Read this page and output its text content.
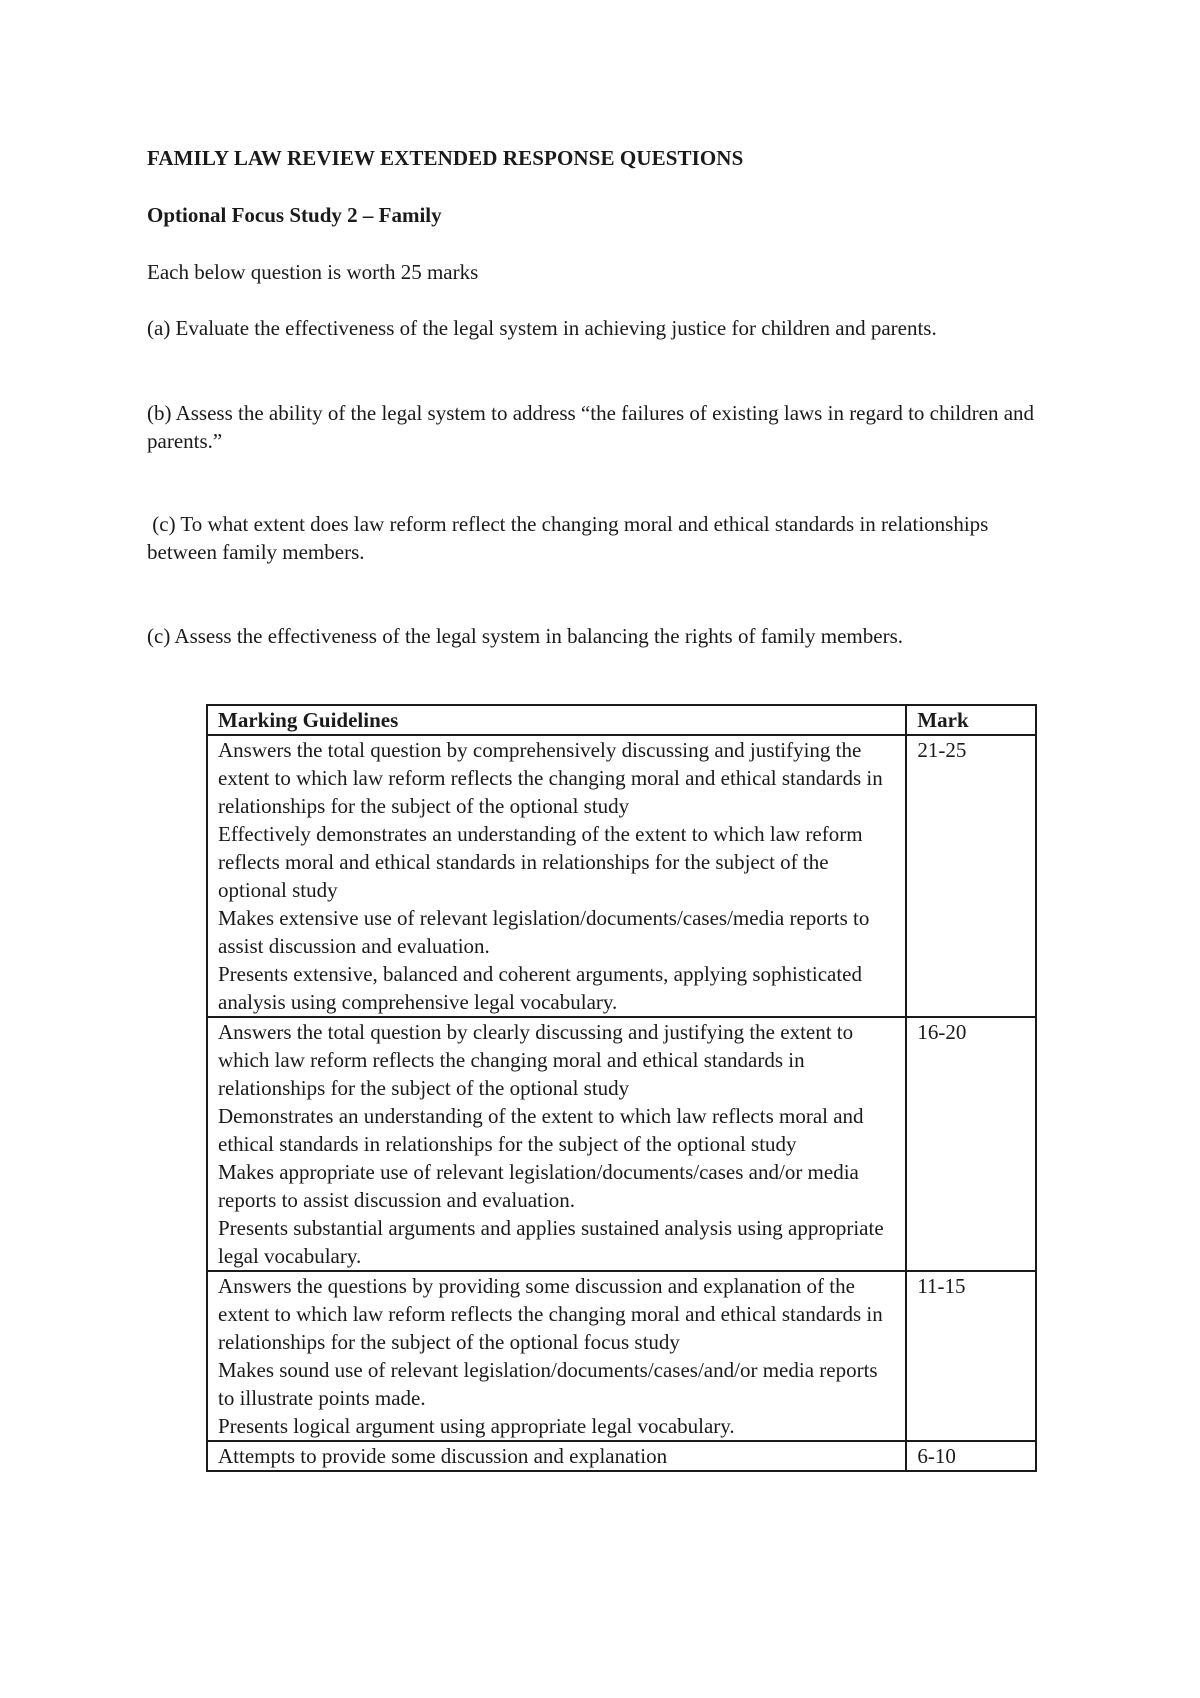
FAMILY LAW REVIEW EXTENDED RESPONSE QUESTIONS
Optional Focus Study 2 – Family
Each below question is worth 25 marks
(a) Evaluate the effectiveness of the legal system in achieving justice for children and parents.
(b) Assess the ability of the legal system to address “the failures of existing laws in regard to children and parents.”
(c) To what extent does law reform reflect the changing moral and ethical standards in relationships between family members.
(c) Assess the effectiveness of the legal system in balancing the rights of family members.
Marking Guidelines	Mark

Answers the total question by comprehensively discussing and justifying the extent to which law reform reflects the changing moral and ethical standards in relationships for the subject of the optional study
Effectively demonstrates an understanding of the extent to which law reform reflects moral and ethical standards in relationships for the subject of the optional study
Makes extensive use of relevant legislation/documents/cases/media reports to assist discussion and evaluation.
Presents extensive, balanced and coherent arguments, applying sophisticated analysis using comprehensive legal vocabulary.	21-25

Answers the total question by clearly discussing and justifying the extent to which law reform reflects the changing moral and ethical standards in relationships for the subject of the optional study
Demonstrates an understanding of the extent to which law reflects moral and ethical standards in relationships for the subject of the optional study
Makes appropriate use of relevant legislation/documents/cases and/or media reports to assist discussion and evaluation.
Presents substantial arguments and applies sustained analysis using appropriate legal vocabulary.	16-20

Answers the questions by providing some discussion and explanation of the extent to which law reform reflects the changing moral and ethical standards in relationships for the subject of the optional focus study
Makes sound use of relevant legislation/documents/cases/and/or media reports to illustrate points made.
Presents logical argument using appropriate legal vocabulary.	11-15

Attempts to provide some discussion and explanation	6-10
